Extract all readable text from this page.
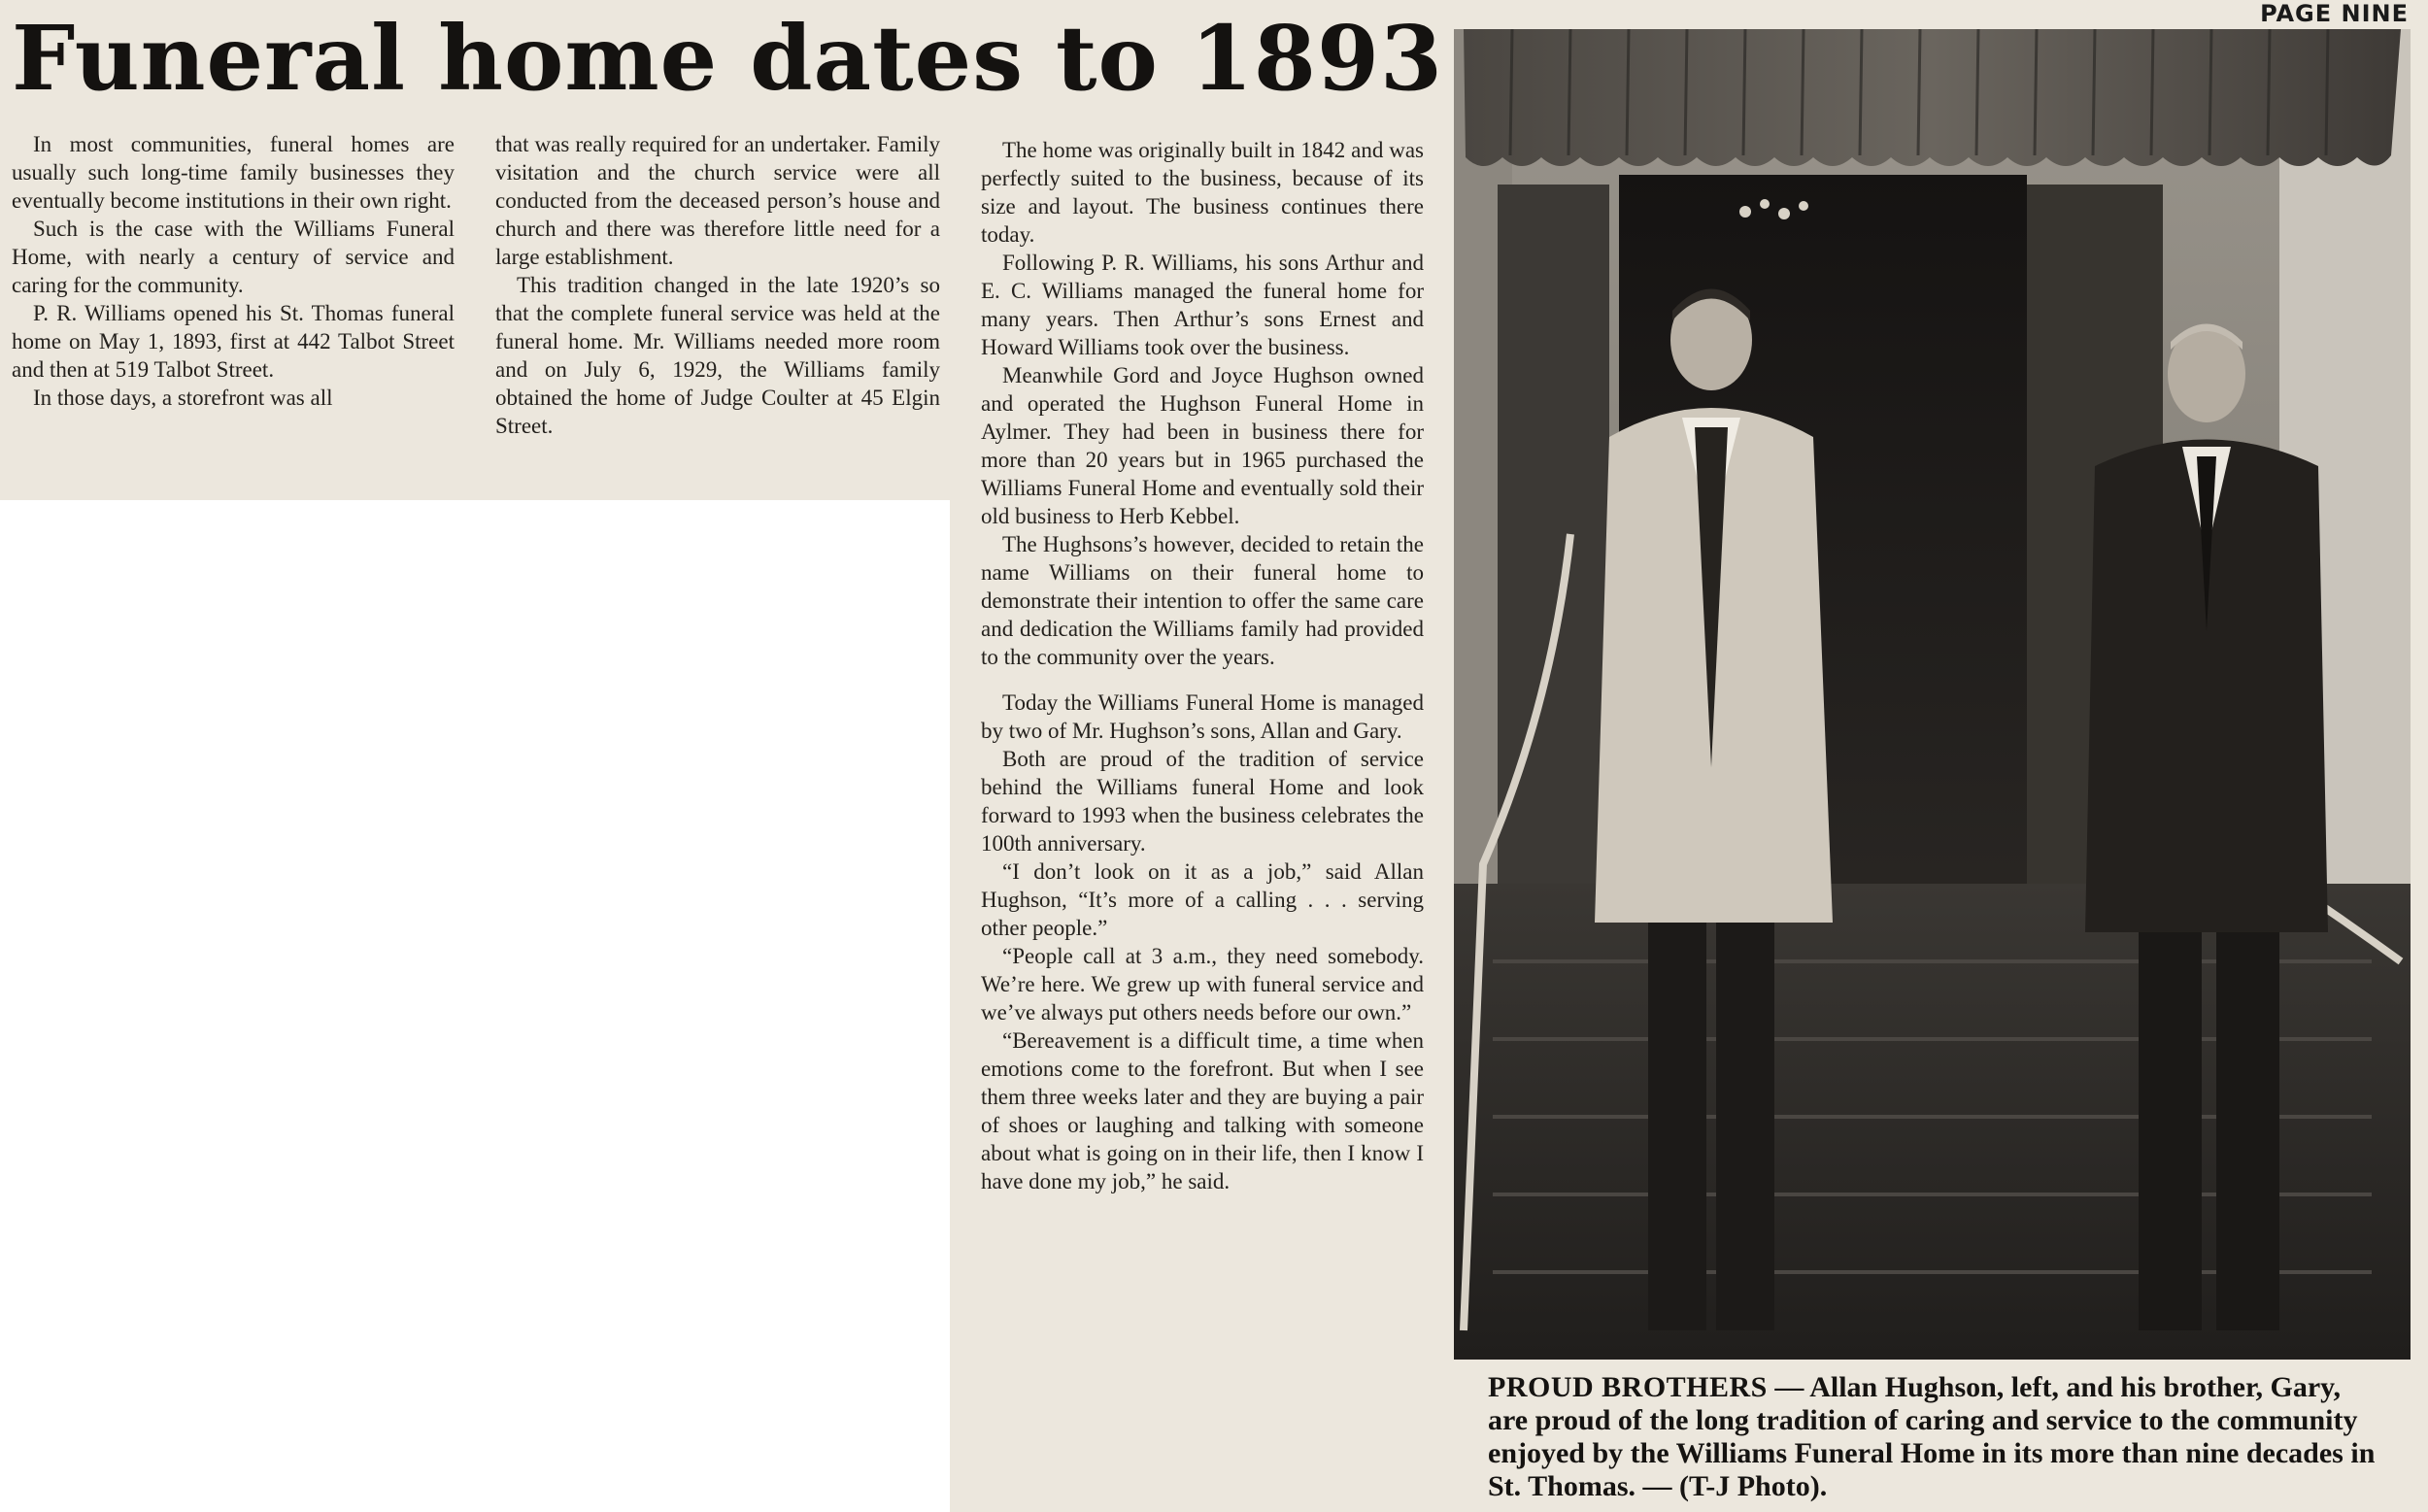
PAGE NINE
Funeral home dates to 1893

In most communities, funeral homes are usually such long-time family businesses they eventually become institutions in their own right.

Such is the case with the Williams Funeral Home, with nearly a century of service and caring for the community.

P. R. Williams opened his St. Thomas funeral home on May 1, 1893, first at 442 Talbot Street and then at 519 Talbot Street.

In those days, a storefront was all

that was really required for an undertaker. Family visitation and the church service were all conducted from the deceased person’s house and church and there was therefore little need for a large establishment.

This tradition changed in the late 1920’s so that the complete funeral service was held at the funeral home. Mr. Williams needed more room and on July 6, 1929, the Williams family obtained the home of Judge Coulter at 45 Elgin Street.

The home was originally built in 1842 and was perfectly suited to the business, because of its size and layout. The business continues there today.

Following P. R. Williams, his sons Arthur and E. C. Williams managed the funeral home for many years. Then Arthur’s sons Ernest and Howard Williams took over the business.

Meanwhile Gord and Joyce Hughson owned and operated the Hughson Funeral Home in Aylmer. They had been in business there for more than 20 years but in 1965 purchased the Williams Funeral Home and eventually sold their old business to Herb Kebbel.

The Hughsons’s however, decided to retain the name Williams on their funeral home to demonstrate their intention to offer the same care and dedication the Williams family had provided to the community over the years.

Today the Williams Funeral Home is managed by two of Mr. Hughson’s sons, Allan and Gary.

Both are proud of the tradition of service behind the Williams funeral Home and look forward to 1993 when the business celebrates the 100th anniversary.

“I don’t look on it as a job,” said Allan Hughson, “It’s more of a calling . . . serving other people.”

“People call at 3 a.m., they need somebody. We’re here. We grew up with funeral service and we’ve always put others needs before our own.”

“Bereavement is a difficult time, a time when emotions come to the forefront. But when I see them three weeks later and they are buying a pair of shoes or laughing and talking with someone about what is going on in their life, then I know I have done my job,” he said.

PROUD BROTHERS — Allan Hughson, left, and his brother, Gary, are proud of the long tradition of caring and service to the community enjoyed by the Williams Funeral Home in its more than nine decades in St. Thomas. — (T-J Photo).
